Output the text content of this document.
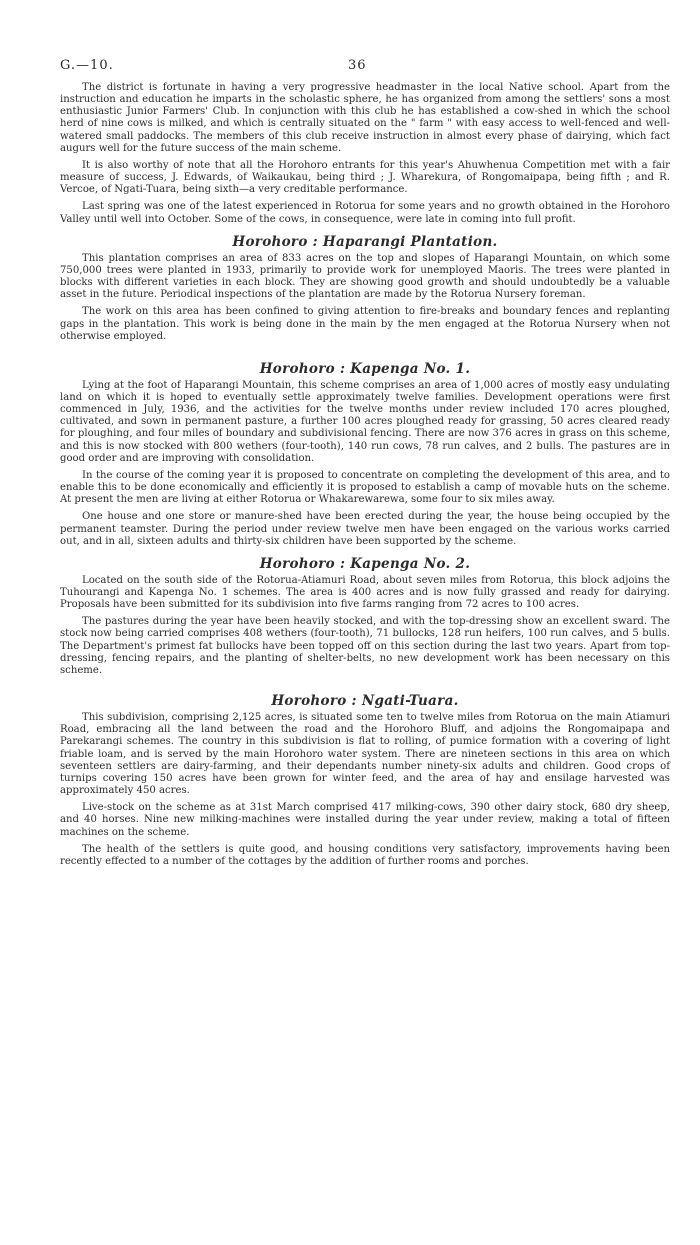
G.—10.	36

The district is fortunate in having a very progressive headmaster in the local Native school. Apart from the instruction and education he imparts in the scholastic sphere, he has organized from among the settlers' sons a most enthusiastic Junior Farmers' Club. In conjunction with this club he has established a cow-shed in which the school herd of nine cows is milked, and which is centrally situated on the " farm " with easy access to well-fenced and well-watered small paddocks. The members of this club receive instruction in almost every phase of dairying, which fact augurs well for the future success of the main scheme.

It is also worthy of note that all the Horohoro entrants for this year's Ahuwhenua Competition met with a fair measure of success, J. Edwards, of Waikaukau, being third ; J. Wharekura, of Rongomaipapa, being fifth ; and R. Vercoe, of Ngati-Tuara, being sixth—a very creditable performance.

Last spring was one of the latest experienced in Rotorua for some years and no growth obtained in the Horohoro Valley until well into October. Some of the cows, in consequence, were late in coming into full profit.

Horohoro : Haparangi Plantation.

This plantation comprises an area of 833 acres on the top and slopes of Haparangi Mountain, on which some 750,000 trees were planted in 1933, primarily to provide work for unemployed Maoris. The trees were planted in blocks with different varieties in each block. They are showing good growth and should undoubtedly be a valuable asset in the future. Periodical inspections of the plantation are made by the Rotorua Nursery foreman.

The work on this area has been confined to giving attention to fire-breaks and boundary fences and replanting gaps in the plantation. This work is being done in the main by the men engaged at the Rotorua Nursery when not otherwise employed.

Horohoro : Kapenga No. 1.

Lying at the foot of Haparangi Mountain, this scheme comprises an area of 1,000 acres of mostly easy undulating land on which it is hoped to eventually settle approximately twelve families. Development operations were first commenced in July, 1936, and the activities for the twelve months under review included 170 acres ploughed, cultivated, and sown in permanent pasture, a further 100 acres ploughed ready for grassing, 50 acres cleared ready for ploughing, and four miles of boundary and subdivisional fencing. There are now 376 acres in grass on this scheme, and this is now stocked with 800 wethers (four-tooth), 140 run cows, 78 run calves, and 2 bulls. The pastures are in good order and are improving with consolidation.

In the course of the coming year it is proposed to concentrate on completing the development of this area, and to enable this to be done economically and efficiently it is proposed to establish a camp of movable huts on the scheme. At present the men are living at either Rotorua or Whakarewarewa, some four to six miles away.

One house and one store or manure-shed have been erected during the year, the house being occupied by the permanent teamster. During the period under review twelve men have been engaged on the various works carried out, and in all, sixteen adults and thirty-six children have been supported by the scheme.

Horohoro : Kapenga No. 2.

Located on the south side of the Rotorua-Atiamuri Road, about seven miles from Rotorua, this block adjoins the Tuhourangi and Kapenga No. 1 schemes. The area is 400 acres and is now fully grassed and ready for dairying. Proposals have been submitted for its subdivision into five farms ranging from 72 acres to 100 acres.

The pastures during the year have been heavily stocked, and with the top-dressing show an excellent sward. The stock now being carried comprises 408 wethers (four-tooth), 71 bullocks, 128 run heifers, 100 run calves, and 5 bulls. The Department's primest fat bullocks have been topped off on this section during the last two years. Apart from top-dressing, fencing repairs, and the planting of shelter-belts, no new development work has been necessary on this scheme.

Horohoro : Ngati-Tuara.

This subdivision, comprising 2,125 acres, is situated some ten to twelve miles from Rotorua on the main Atiamuri Road, embracing all the land between the road and the Horohoro Bluff, and adjoins the Rongomaipapa and Parekarangi schemes. The country in this subdivision is flat to rolling, of pumice formation with a covering of light friable loam, and is served by the main Horohoro water system. There are nineteen sections in this area on which seventeen settlers are dairy-farming, and their dependants number ninety-six adults and children. Good crops of turnips covering 150 acres have been grown for winter feed, and the area of hay and ensilage harvested was approximately 450 acres.

Live-stock on the scheme as at 31st March comprised 417 milking-cows, 390 other dairy stock, 680 dry sheep, and 40 horses. Nine new milking-machines were installed during the year under review, making a total of fifteen machines on the scheme.

The health of the settlers is quite good, and housing conditions very satisfactory, improvements having been recently effected to a number of the cottages by the addition of further rooms and porches.
